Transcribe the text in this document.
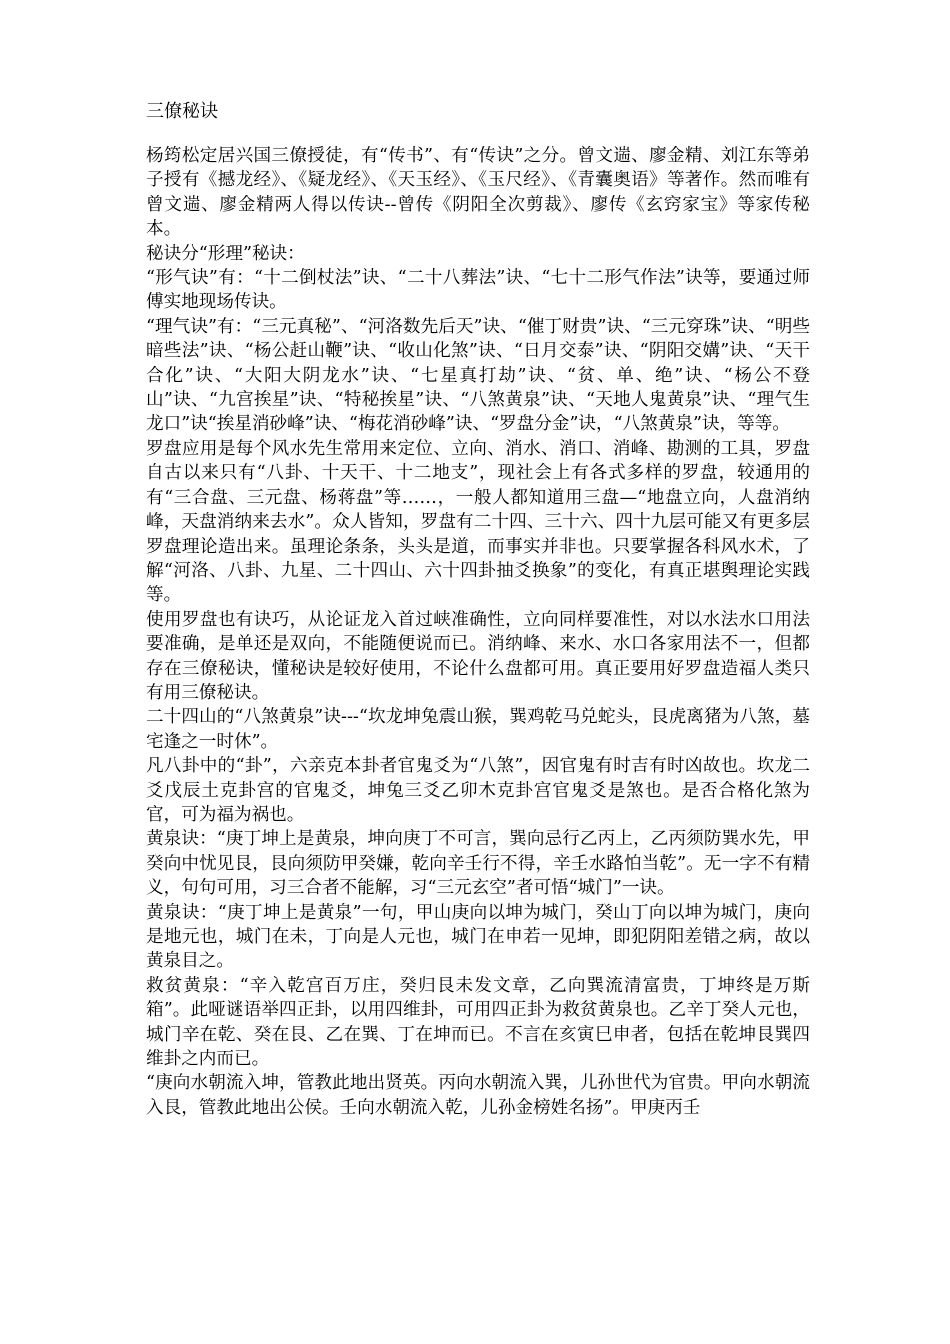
三僚秘诀

杨筠松定居兴国三僚授徒，有“传书”、有“传诀”之分。曾文遄、廖金精、刘江东等弟子授有《撼龙经》、《疑龙经》、《天玉经》、《玉尺经》、《青囊奥语》等著作。然而唯有曾文遄、廖金精两人得以传诀--曾传《阴阳全次剪裁》、廖传《玄窍家宝》等家传秘本。

秘诀分“形理”秘诀：

“形气诀”有：“十二倒杖法”诀、“二十八葬法”诀、“七十二形气作法”诀等，要通过师傅实地现场传诀。

“理气诀”有：“三元真秘”、“河洛数先后天”诀、“催丁财贵”诀、“三元穿珠”诀、“明些暗些法”诀、“杨公赶山鞭”诀、“收山化煞”诀、“日月交泰”诀、“阴阳交媾”诀、“天干合化”诀、“大阳大阴龙水”诀、“七星真打劫”诀、“贫、单、绝”诀、“杨公不登山”诀、“九宫挨星”诀、“特秘挨星”诀、“八煞黄泉”诀、“天地人鬼黄泉”诀、“理气生龙口”诀“挨星消砂峰”诀、“梅花消砂峰”诀、“罗盘分金”诀，“八煞黄泉”诀，等等。

罗盘应用是每个风水先生常用来定位、立向、消水、消口、消峰、勘测的工具，罗盘自古以来只有“八卦、十天干、十二地支”，现社会上有各式多样的罗盘，较通用的有“三合盘、三元盘、杨蒋盘”等……，一般人都知道用三盘—“地盘立向，人盘消纳峰，天盘消纳来去水”。众人皆知，罗盘有二十四、三十六、四十九层可能又有更多层罗盘理论造出来。虽理论条条，头头是道，而事实并非也。只要掌握各科风水术，了解“河洛、八卦、九星、二十四山、六十四卦抽爻换象”的变化，有真正堪舆理论实践等。

使用罗盘也有诀巧，从论证龙入首过峡准确性，立向同样要准性，对以水法水口用法要准确，是单还是双向，不能随便说而已。消纳峰、来水、水口各家用法不一，但都存在三僚秘诀，懂秘诀是较好使用，不论什么盘都可用。真正要用好罗盘造福人类只有用三僚秘诀。

二十四山的“八煞黄泉”诀---“坎龙坤兔震山猴，巽鸡乾马兑蛇头，艮虎离猪为八煞，墓宅逢之一时休”。

凡八卦中的“卦”，六亲克本卦者官鬼爻为“八煞”，因官鬼有时吉有时凶故也。坎龙二爻戊辰土克卦宫的官鬼爻，坤兔三爻乙卯木克卦宫官鬼爻是煞也。是否合格化煞为官，可为福为祸也。

黄泉诀：“庚丁坤上是黄泉，坤向庚丁不可言，巽向忌行乙丙上，乙丙须防巽水先，甲癸向中忧见艮，艮向须防甲癸嫌，乾向辛壬行不得，辛壬水路怕当乾”。无一字不有精义，句句可用，习三合者不能解，习“三元玄空”者可悟“城门”一诀。

黄泉诀：“庚丁坤上是黄泉”一句，甲山庚向以坤为城门，癸山丁向以坤为城门，庚向是地元也，城门在未，丁向是人元也，城门在申若一见坤，即犯阴阳差错之病，故以黄泉目之。

救贫黄泉：“辛入乾宫百万庄，癸归艮未发文章，乙向巽流清富贵，丁坤终是万斯箱”。此哑谜语举四正卦，以用四维卦，可用四正卦为救贫黄泉也。乙辛丁癸人元也，城门辛在乾、癸在艮、乙在巽、丁在坤而已。不言在亥寅巳申者，包括在乾坤艮巽四维卦之内而已。

“庚向水朝流入坤，管教此地出贤英。丙向水朝流入巽，儿孙世代为官贵。甲向水朝流入艮，管教此地出公侯。壬向水朝流入乾，儿孙金榜姓名扬”。甲庚丙壬
